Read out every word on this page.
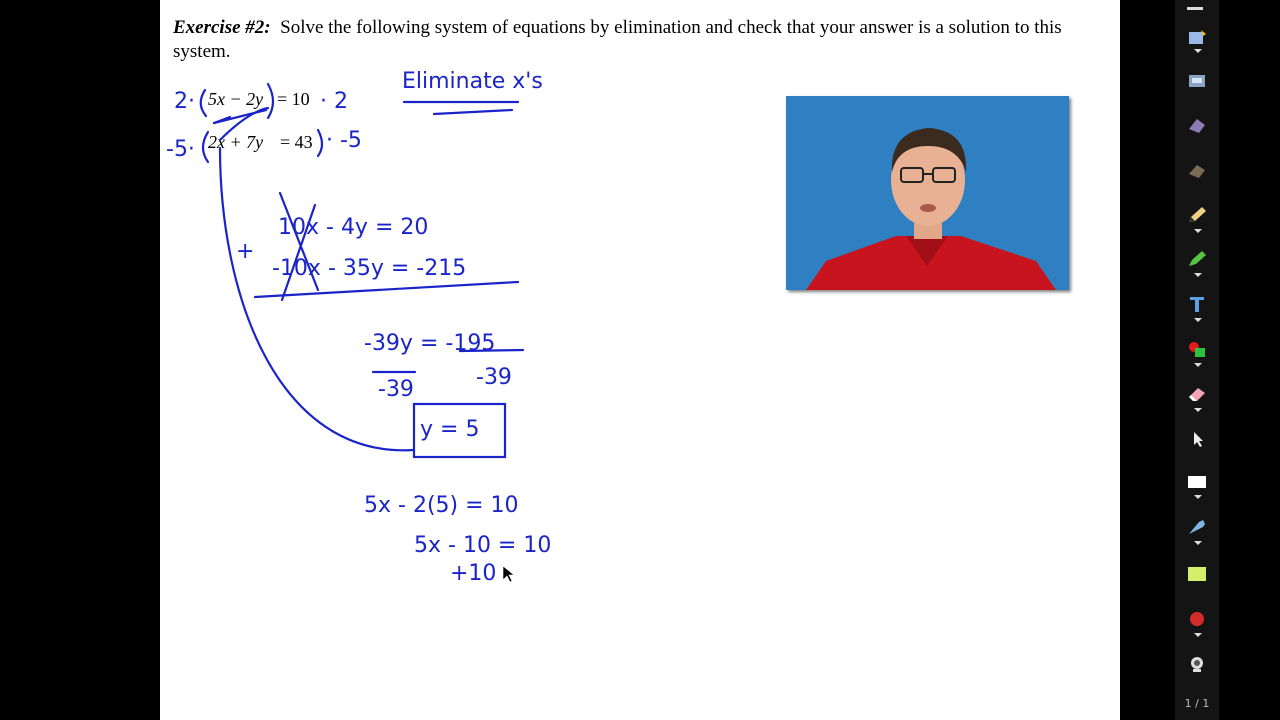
Exercise #2: Solve the following system of equations by elimination and check that your answer is a solution to this system.
5x − 2y = 10
2x + 7y = 43
Eliminate x's
2·	· 2
-5·	· -5
10x - 4y = 20
-10x - 35y = -215
+
-39y = -195
-39	-39
y = 5
5x - 2(5) = 10
5x - 10 = 10
+10
1 / 1
